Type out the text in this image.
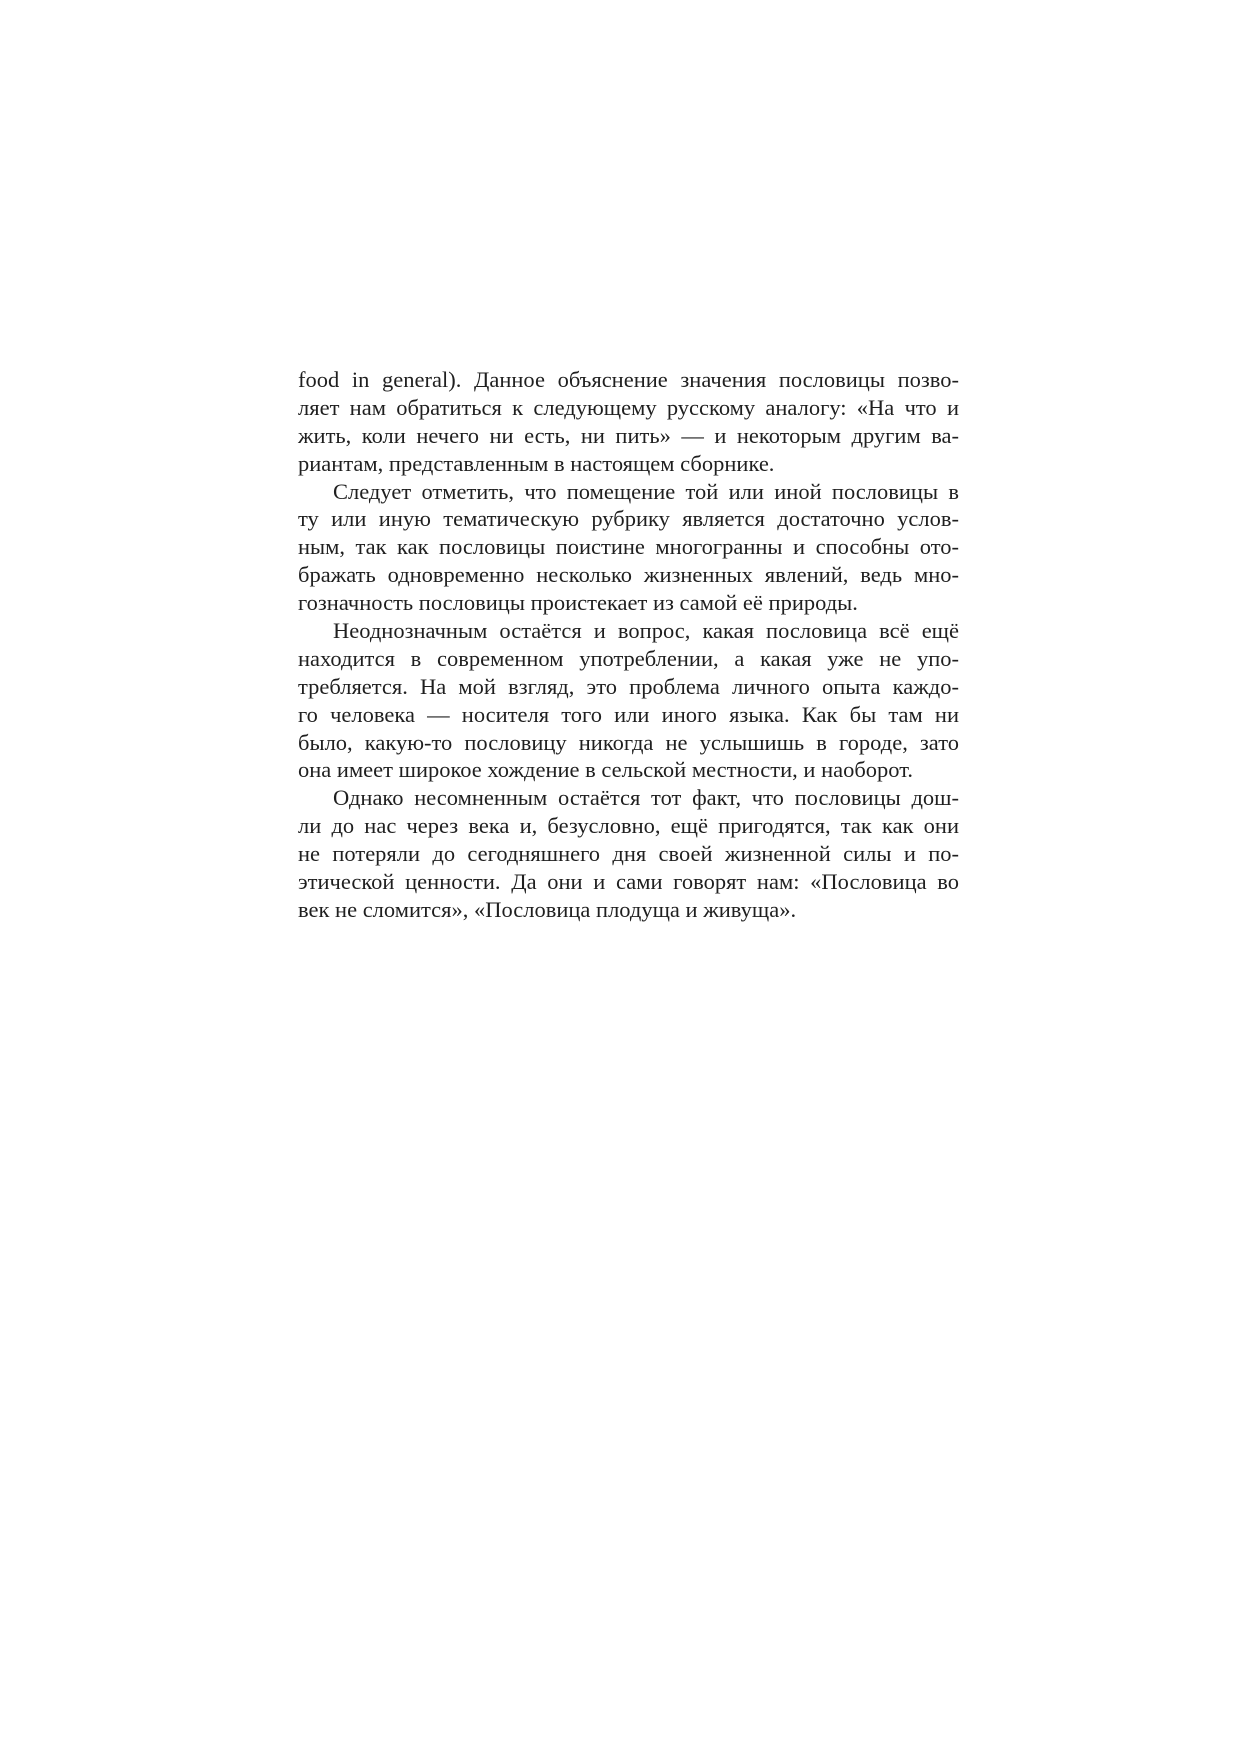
food in general). Данное объяснение значения пословицы позво-
ляет нам обратиться к следующему русскому аналогу: «На что и
жить, коли нечего ни есть, ни пить» — и некоторым другим ва-
риантам, представленным в настоящем сборнике.

Следует отметить, что помещение той или иной пословицы в
ту или иную тематическую рубрику является достаточно услов-
ным, так как пословицы поистине многогранны и способны ото-
бражать одновременно несколько жизненных явлений, ведь мно-
гозначность пословицы проистекает из самой её природы.

Неоднозначным остаётся и вопрос, какая пословица всё ещё
находится в современном употреблении, а какая уже не упо-
требляется. На мой взгляд, это проблема личного опыта каждо-
го человека — носителя того или иного языка. Как бы там ни
было, какую-то пословицу никогда не услышишь в городе, зато
она имеет широкое хождение в сельской местности, и наоборот.

Однако несомненным остаётся тот факт, что пословицы дош-
ли до нас через века и, безусловно, ещё пригодятся, так как они
не потеряли до сегодняшнего дня своей жизненной силы и по-
этической ценности. Да они и сами говорят нам: «Пословица во
век не сломится», «Пословица плодуща и живуща».
